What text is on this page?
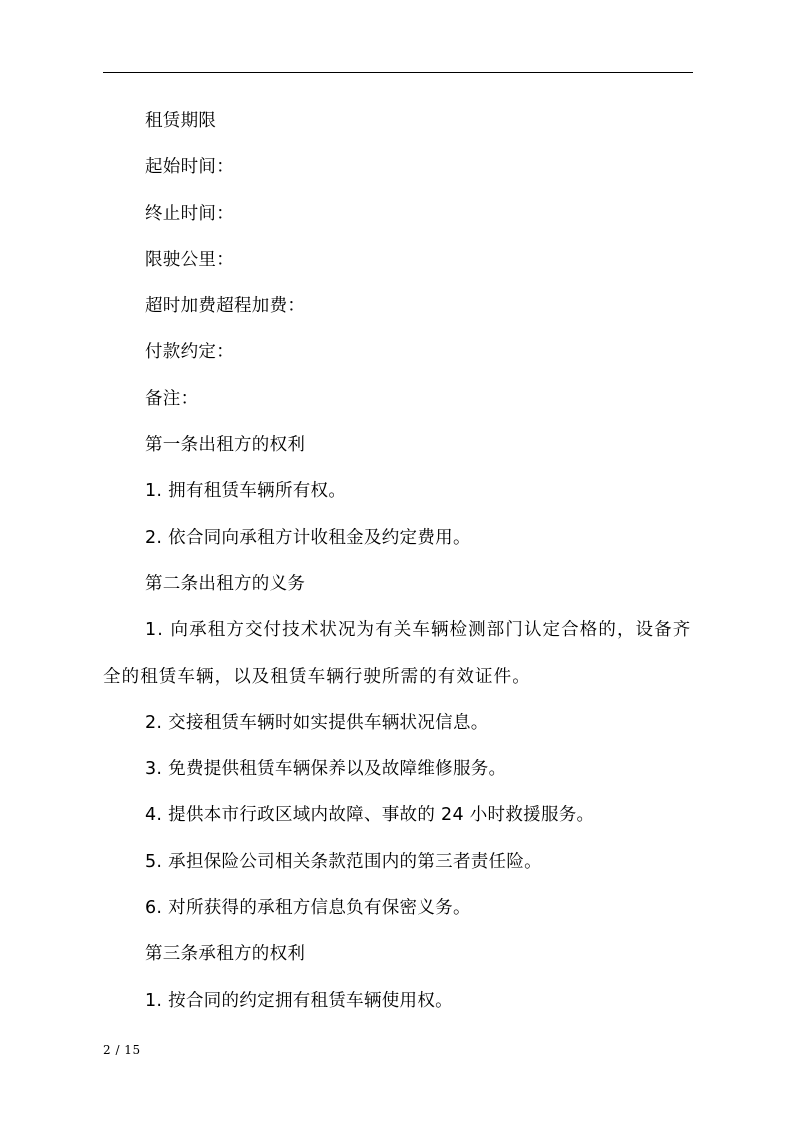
租赁期限

起始时间：

终止时间：

限驶公里：

超时加费超程加费：

付款约定：

备注：

第一条出租方的权利

1. 拥有租赁车辆所有权。

2. 依合同向承租方计收租金及约定费用。

第二条出租方的义务

1. 向承租方交付技术状况为有关车辆检测部门认定合格的，设备齐全的租赁车辆，以及租赁车辆行驶所需的有效证件。

2. 交接租赁车辆时如实提供车辆状况信息。

3. 免费提供租赁车辆保养以及故障维修服务。

4. 提供本市行政区域内故障、事故的 24 小时救援服务。

5. 承担保险公司相关条款范围内的第三者责任险。

6. 对所获得的承租方信息负有保密义务。

第三条承租方的权利

1. 按合同的约定拥有租赁车辆使用权。

2 / 15
